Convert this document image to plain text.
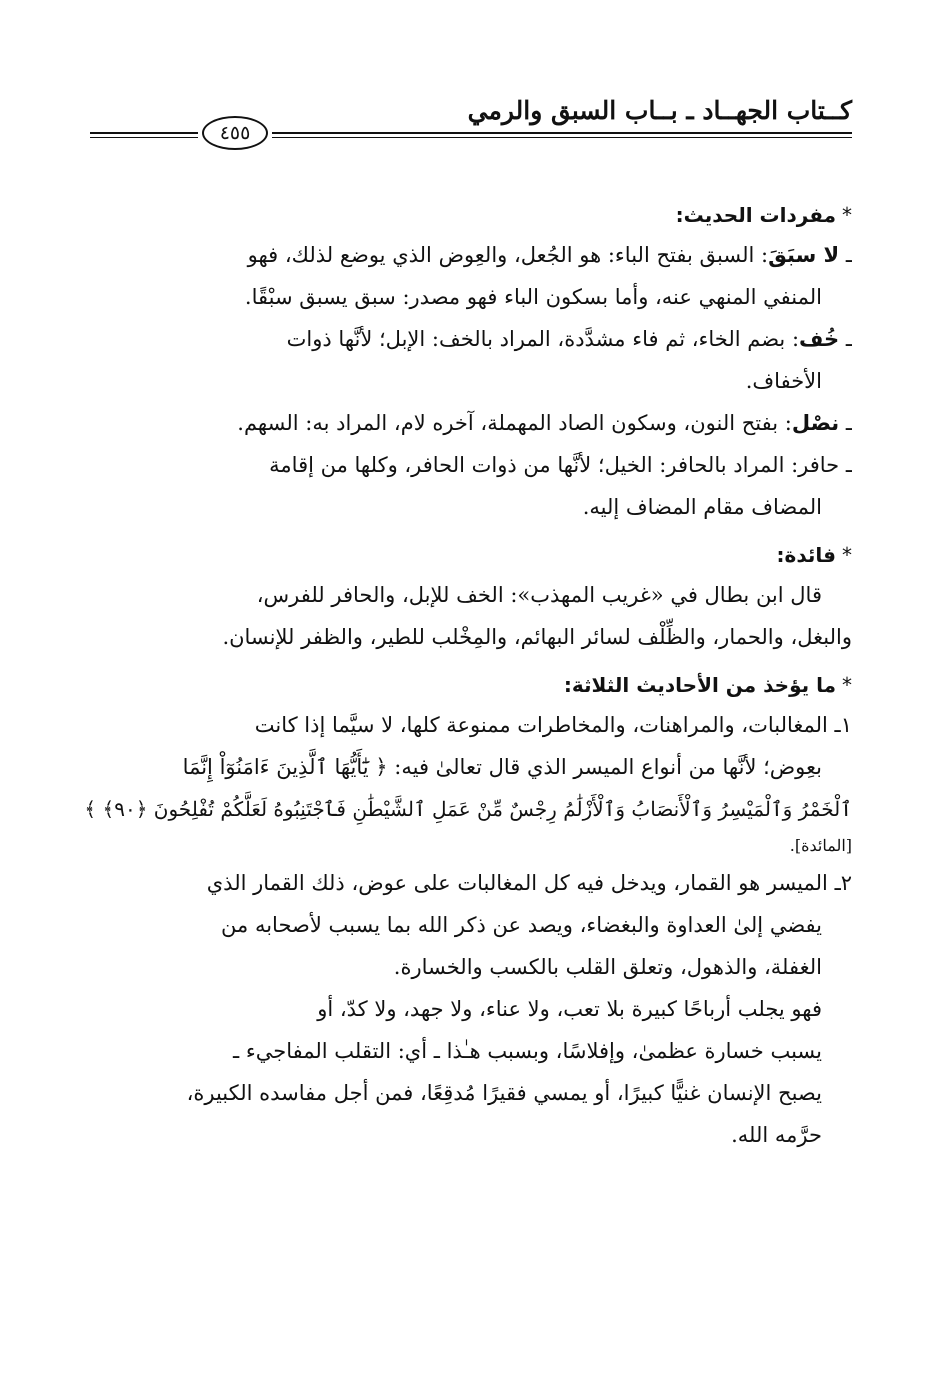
كــتاب الجهــاد ـ بــاب السبق والرمي
٤٥٥

*مفردات الحديث:

ـ لا سبَقَ: السبق بفتح الباء: هو الجُعل، والعِوض الذي يوضع لذلك، فهو

المنفي المنهي عنه، وأما بسكون الباء فهو مصدر: سبق يسبق سبْقًا.

ـ خُف: بضم الخاء، ثم فاء مشدَّدة، المراد بالخف: الإبل؛ لأنَّها ذوات

الأخفاف.

ـ نصْل: بفتح النون، وسكون الصاد المهملة، آخره لام، المراد به: السهم.

ـ حافر: المراد بالحافر: الخيل؛ لأنَّها من ذوات الحافر، وكلها من إقامة

المضاف مقام المضاف إليه.

*فائدة:

قال ابن بطال في «غريب المهذب»: الخف للإبل، والحافر للفرس،

والبغل، والحمار، والظِّلْف لسائر البهائم، والمِخْلب للطير، والظفر للإنسان.

*ما يؤخذ من الأحاديث الثلاثة:

١ـ المغالبات، والمراهنات، والمخاطرات ممنوعة كلها، لا سيَّما إذا كانت

بعِوض؛ لأنَّها من أنواع الميسر الذي قال تعالىٰ فيه: ﴿ يَٰٓأَيُّهَا ٱلَّذِينَ ءَامَنُوٓاْ إِنَّمَا

ٱلْخَمْرُ وَٱلْمَيْسِرُ وَٱلْأَنصَابُ وَٱلْأَزْلَٰمُ رِجْسٌ مِّنْ عَمَلِ ٱلشَّيْطَٰنِ فَٱجْتَنِبُوهُ لَعَلَّكُمْ تُفْلِحُونَ ﴿٩٠﴾ ﴾

[المائدة].

٢ـ الميسر هو القمار، ويدخل فيه كل المغالبات على عوض، ذلك القمار الذي

يفضي إلىٰ العداوة والبغضاء، ويصد عن ذكر الله بما يسبب لأصحابه من

الغفلة، والذهول، وتعلق القلب بالكسب والخسارة.

فهو يجلب أرباحًا كبيرة بلا تعب، ولا عناء، ولا جهد، ولا كدّ، أو

يسبب خسارة عظمىٰ، وإفلاسًا، وبسبب هـٰذا ـ أي: التقلب المفاجيء ـ

يصبح الإنسان غنيًّا كبيرًا، أو يمسي فقيرًا مُدقِعًا، فمن أجل مفاسده الكبيرة،

حرَّمه الله.
